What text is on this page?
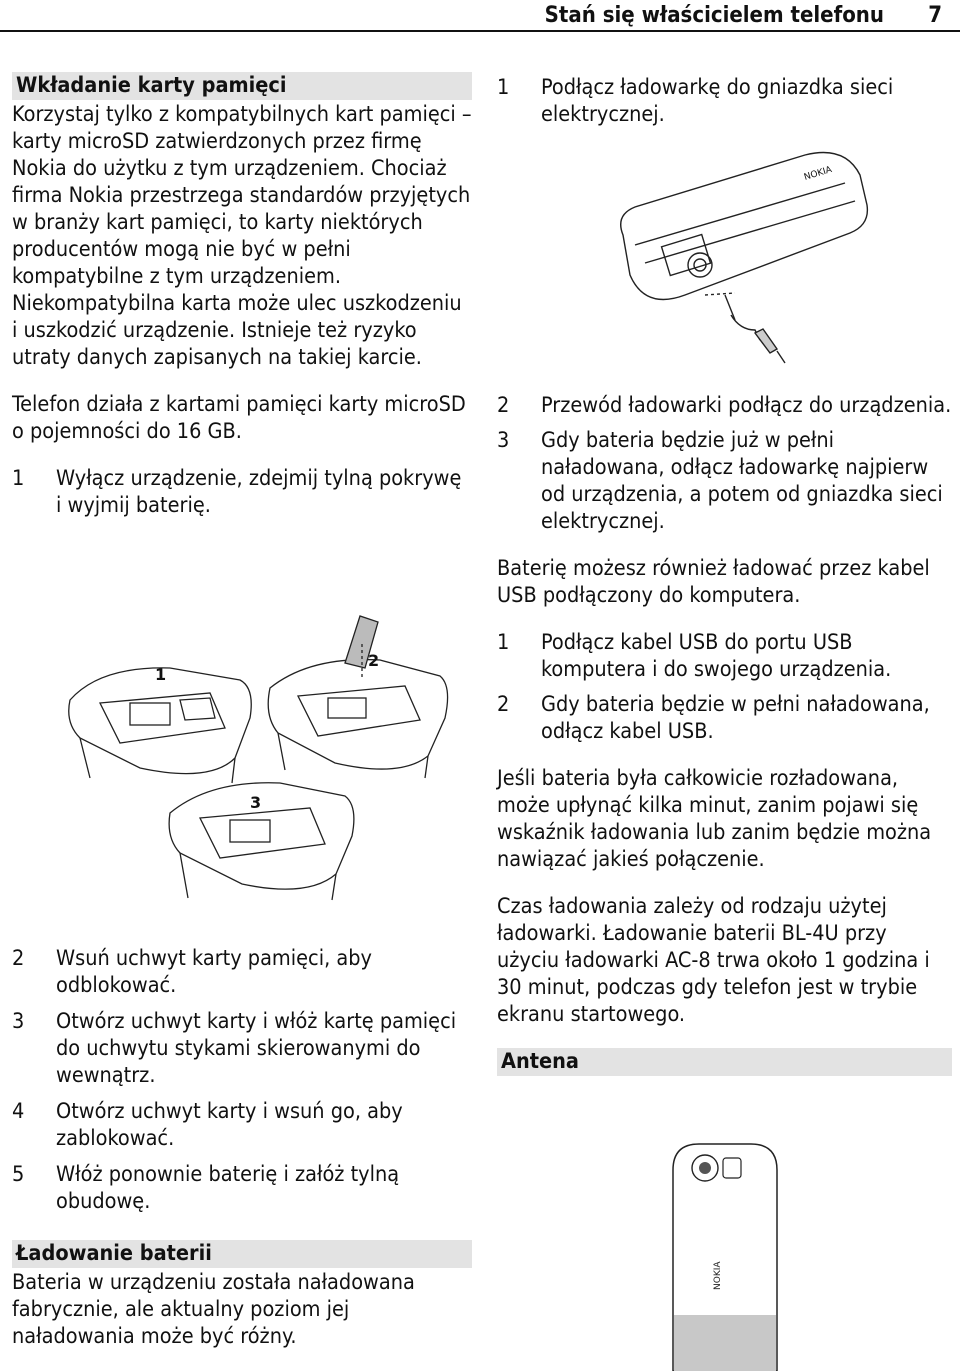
Stań się właścicielem telefonu 7
Wkładanie karty pamięci

Korzystaj tylko z kompatybilnych kart pamięci – karty microSD zatwierdzonych przez firmę Nokia do użytku z tym urządzeniem. Chociaż firma Nokia przestrzega standardów przyjętych w branży kart pamięci, to karty niektórych producentów mogą nie być w pełni kompatybilne z tym urządzeniem. Niekompatybilna karta może ulec uszkodzeniu i uszkodzić urządzenie. Istnieje też ryzyko utraty danych zapisanych na takiej karcie.

Telefon działa z kartami pamięci karty microSD o pojemności do 16 GB.

1	Wyłącz urządzenie, zdejmij tylną pokrywę i wyjmij baterię.
1
2
3
2	Wsuń uchwyt karty pamięci, aby odblokować.
3	Otwórz uchwyt karty i włóż kartę pamięci do uchwytu stykami skierowanymi do wewnątrz.
4	Otwórz uchwyt karty i wsuń go, aby zablokować.
5	Włóż ponownie baterię i załóż tylną obudowę.
Ładowanie baterii

Bateria w urządzeniu została naładowana fabrycznie, ale aktualny poziom jej naładowania może być różny.

1	Podłącz ładowarkę do gniazdka sieci elektrycznej.
NOKIA
2	Przewód ładowarki podłącz do urządzenia.
3	Gdy bateria będzie już w pełni naładowana, odłącz ładowarkę najpierw od urządzenia, a potem od gniazdka sieci elektrycznej.

Baterię możesz również ładować przez kabel USB podłączony do komputera.

1	Podłącz kabel USB do portu USB komputera i do swojego urządzenia.
2	Gdy bateria będzie w pełni naładowana, odłącz kabel USB.

Jeśli bateria była całkowicie rozładowana, może upłynąć kilka minut, zanim pojawi się wskaźnik ładowania lub zanim będzie można nawiązać jakieś połączenie.

Czas ładowania zależy od rodzaju użytej ładowarki. Ładowanie baterii BL-4U przy użyciu ładowarki AC-8 trwa około 1 godzina i 30 minut, podczas gdy telefon jest w trybie ekranu startowego.

Antena
NOKIA
